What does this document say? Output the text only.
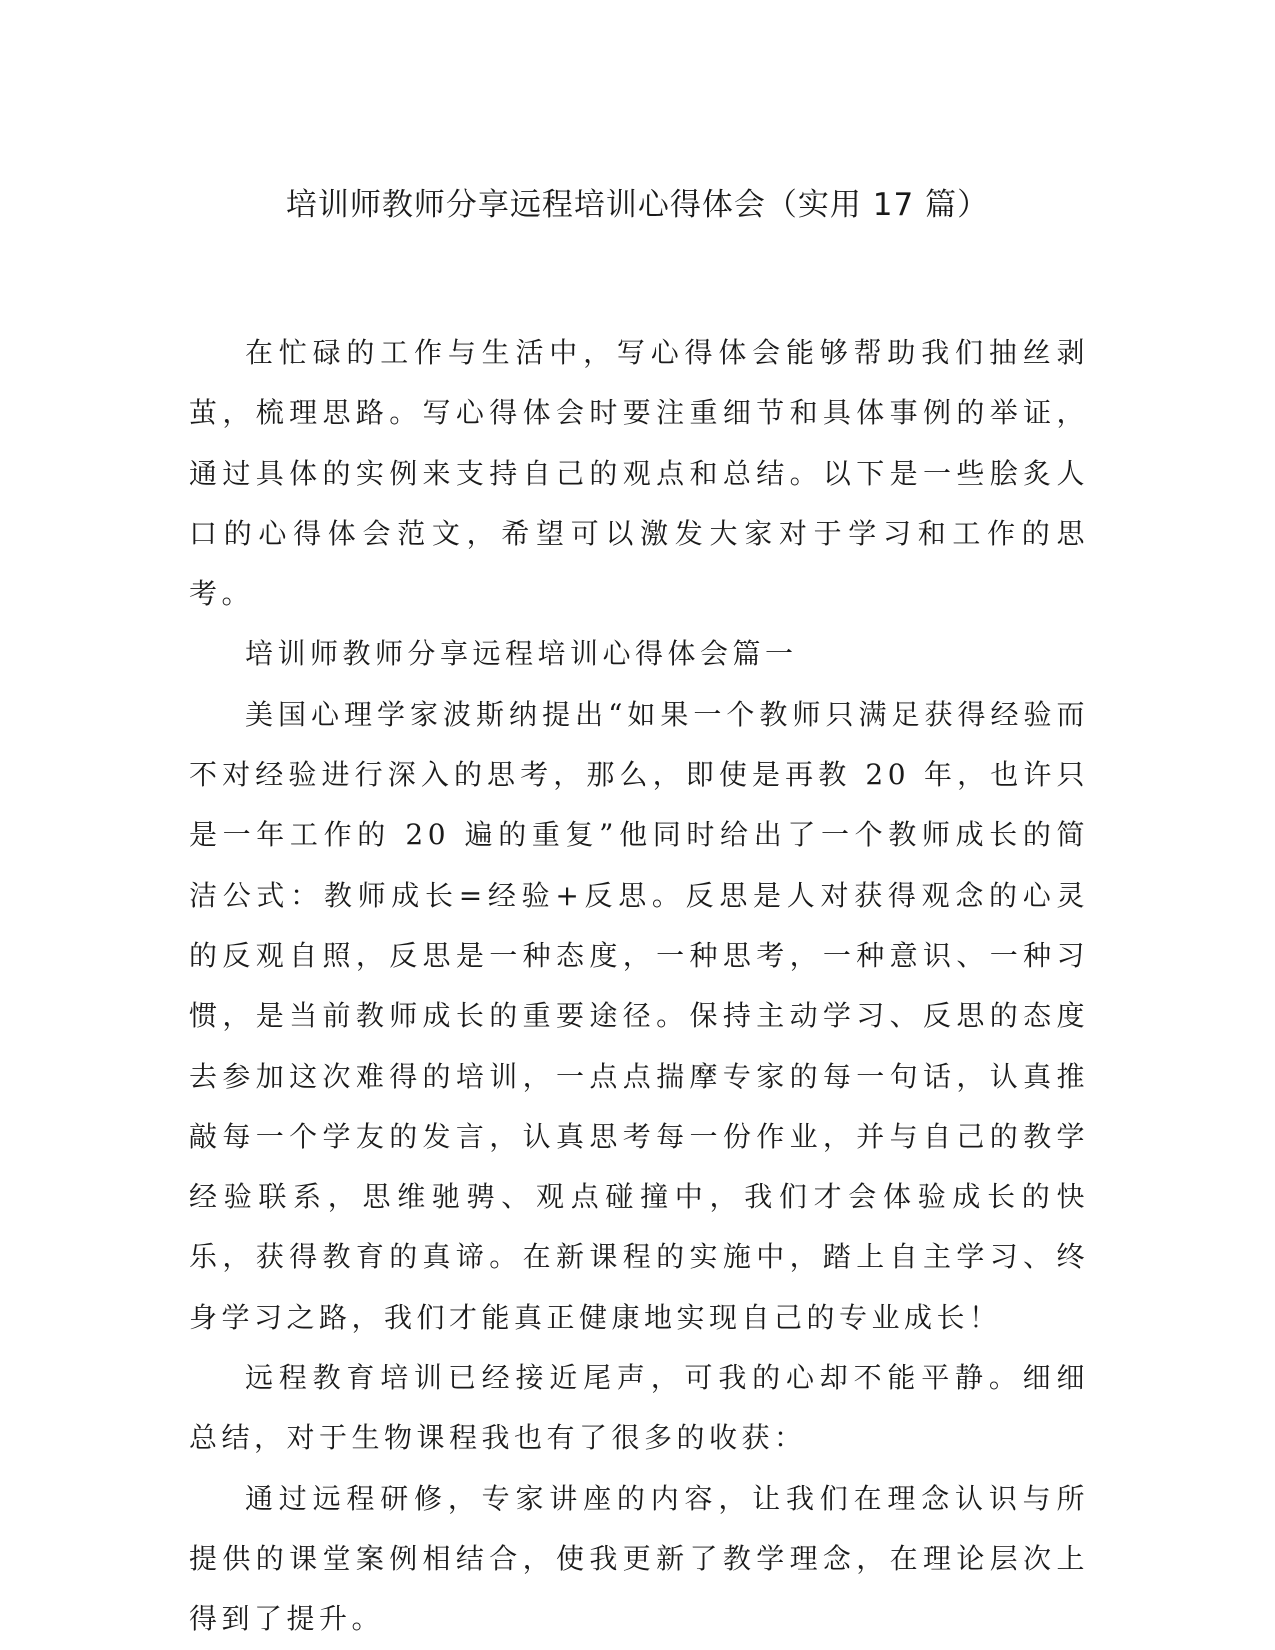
培训师教师分享远程培训心得体会（实用 17 篇）

在忙碌的工作与生活中，写心得体会能够帮助我们抽丝剥茧，梳理思路。写心得体会时要注重细节和具体事例的举证，通过具体的实例来支持自己的观点和总结。以下是一些脍炙人口的心得体会范文，希望可以激发大家对于学习和工作的思考。

培训师教师分享远程培训心得体会篇一

美国心理学家波斯纳提出“如果一个教师只满足获得经验而不对经验进行深入的思考，那么，即使是再教 20 年，也许只是一年工作的 20 遍的重复”他同时给出了一个教师成长的简洁公式：教师成长=经验+反思。反思是人对获得观念的心灵的反观自照，反思是一种态度，一种思考，一种意识、一种习惯，是当前教师成长的重要途径。保持主动学习、反思的态度去参加这次难得的培训，一点点揣摩专家的每一句话，认真推敲每一个学友的发言，认真思考每一份作业，并与自己的教学经验联系，思维驰骋、观点碰撞中，我们才会体验成长的快乐，获得教育的真谛。在新课程的实施中，踏上自主学习、终身学习之路，我们才能真正健康地实现自己的专业成长！

远程教育培训已经接近尾声，可我的心却不能平静。细细总结，对于生物课程我也有了很多的收获：

通过远程研修，专家讲座的内容，让我们在理念认识与所提供的课堂案例相结合，使我更新了教学理念，在理论层次上得到了提升。
